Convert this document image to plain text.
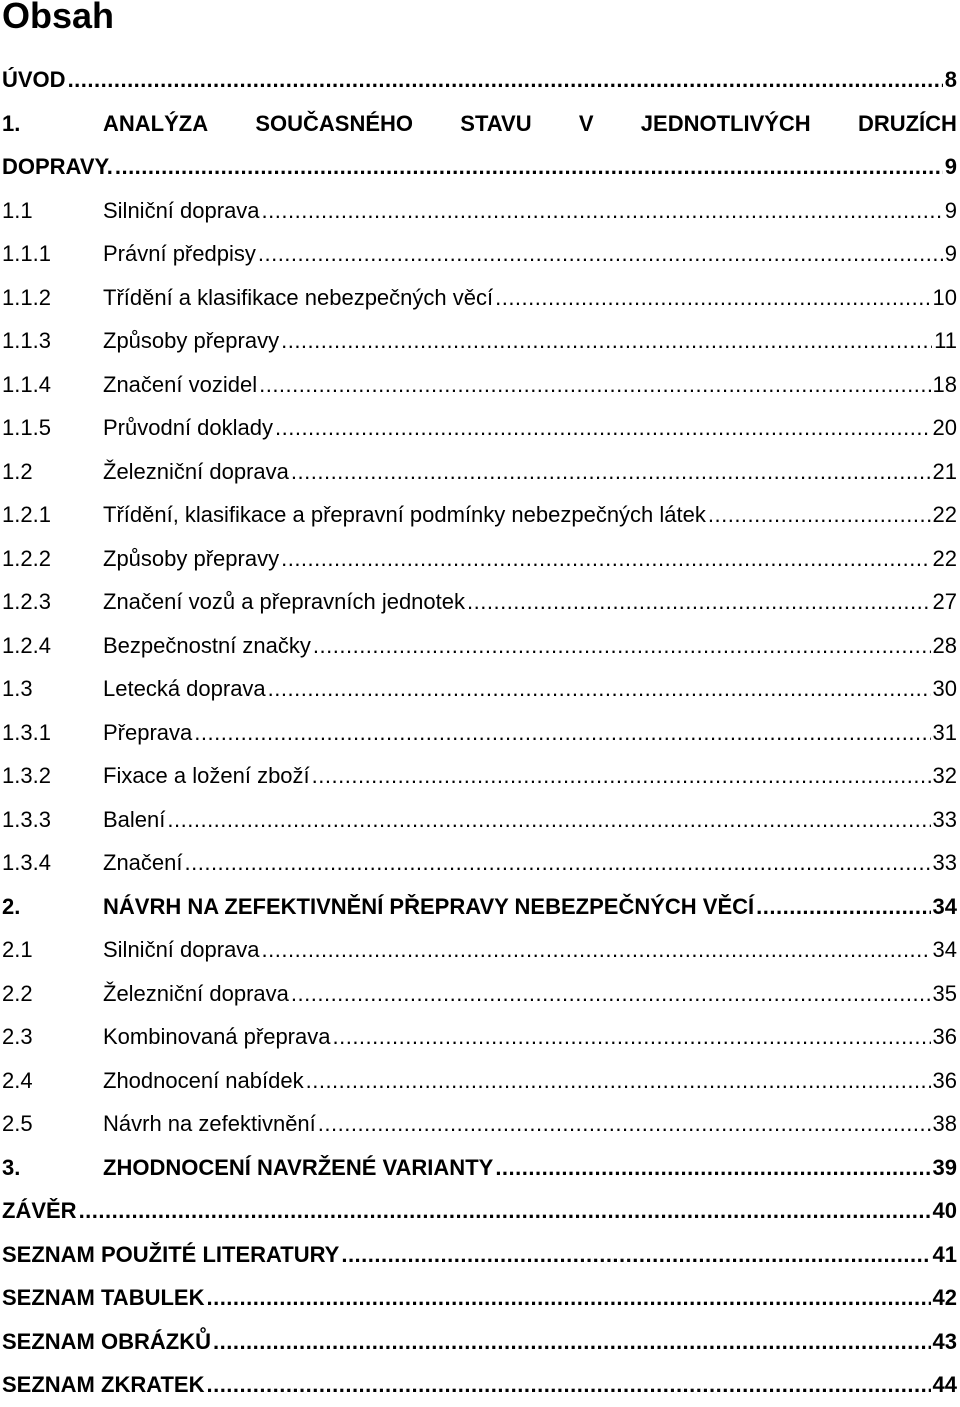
Obsah
ÚVOD .....	8
1.	ANALÝZA SOUČASNÉHO STAVU V JEDNOTLIVÝCH DRUZÍCH
DOPRAVY. .....	9
1.1	Silniční doprava .....	9
1.1.1	Právní předpisy .....	9
1.1.2	Třídění a klasifikace nebezpečných věcí .....	10
1.1.3	Způsoby přepravy .....	11
1.1.4	Značení vozidel .....	18
1.1.5	Průvodní doklady .....	20
1.2	Železniční doprava .....	21
1.2.1	Třídění, klasifikace a přepravní podmínky nebezpečných látek .....	22
1.2.2	Způsoby přepravy .....	22
1.2.3	Značení vozů a přepravních jednotek .....	27
1.2.4	Bezpečnostní značky .....	28
1.3	Letecká doprava .....	30
1.3.1	Přeprava .....	31
1.3.2	Fixace a ložení zboží .....	32
1.3.3	Balení .....	33
1.3.4	Značení .....	33
2.	NÁVRH NA ZEFEKTIVNĚNÍ PŘEPRAVY NEBEZPEČNÝCH VĚCÍ .....	34
2.1	Silniční doprava .....	34
2.2	Železniční doprava .....	35
2.3	Kombinovaná přeprava .....	36
2.4	Zhodnocení nabídek .....	36
2.5	Návrh na zefektivnění .....	38
3.	ZHODNOCENÍ NAVRŽENÉ VARIANTY .....	39
ZÁVĚR .....	40
SEZNAM POUŽITÉ LITERATURY .....	41
SEZNAM TABULEK .....	42
SEZNAM OBRÁZKŮ .....	43
SEZNAM ZKRATEK .....	44
